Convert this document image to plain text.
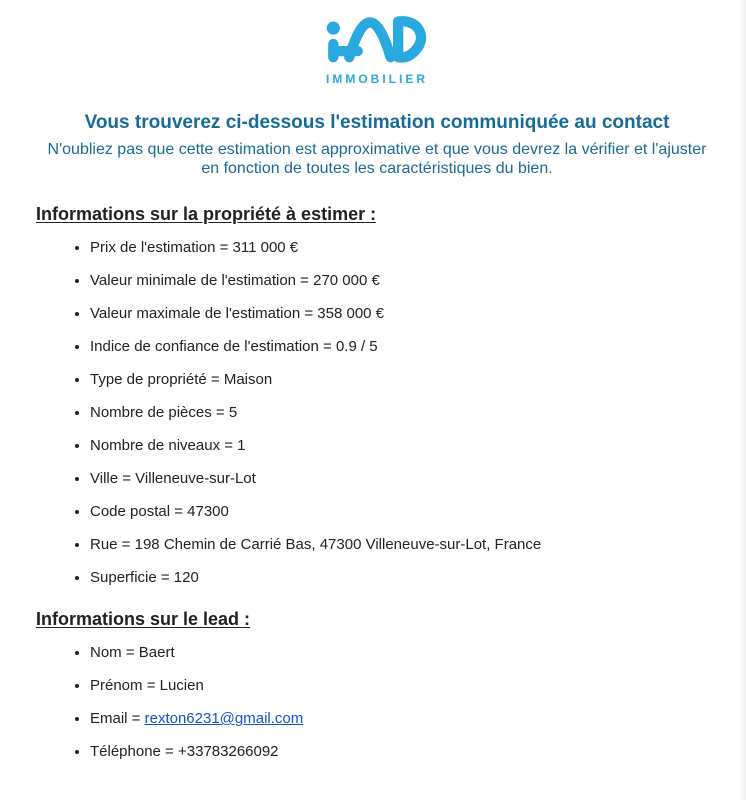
IMMOBILIER
Vous trouverez ci-dessous l'estimation communiquée au contact

N'oubliez pas que cette estimation est approximative et que vous devrez la vérifier et l'ajuster

en fonction de toutes les caractéristiques du bien.

Informations sur la propriété à estimer :
• Prix de l'estimation = 311 000 €
• Valeur minimale de l'estimation = 270 000 €
• Valeur maximale de l'estimation = 358 000 €
• Indice de confiance de l'estimation = 0.9 / 5
• Type de propriété = Maison
• Nombre de pièces = 5
• Nombre de niveaux = 1
• Ville = Villeneuve-sur-Lot
• Code postal = 47300
• Rue = 198 Chemin de Carrié Bas, 47300 Villeneuve-sur-Lot, France
• Superficie = 120
Informations sur le lead :
• Nom = Baert
• Prénom = Lucien
• Email = rexton6231@gmail.com
• Téléphone = +33783266092
